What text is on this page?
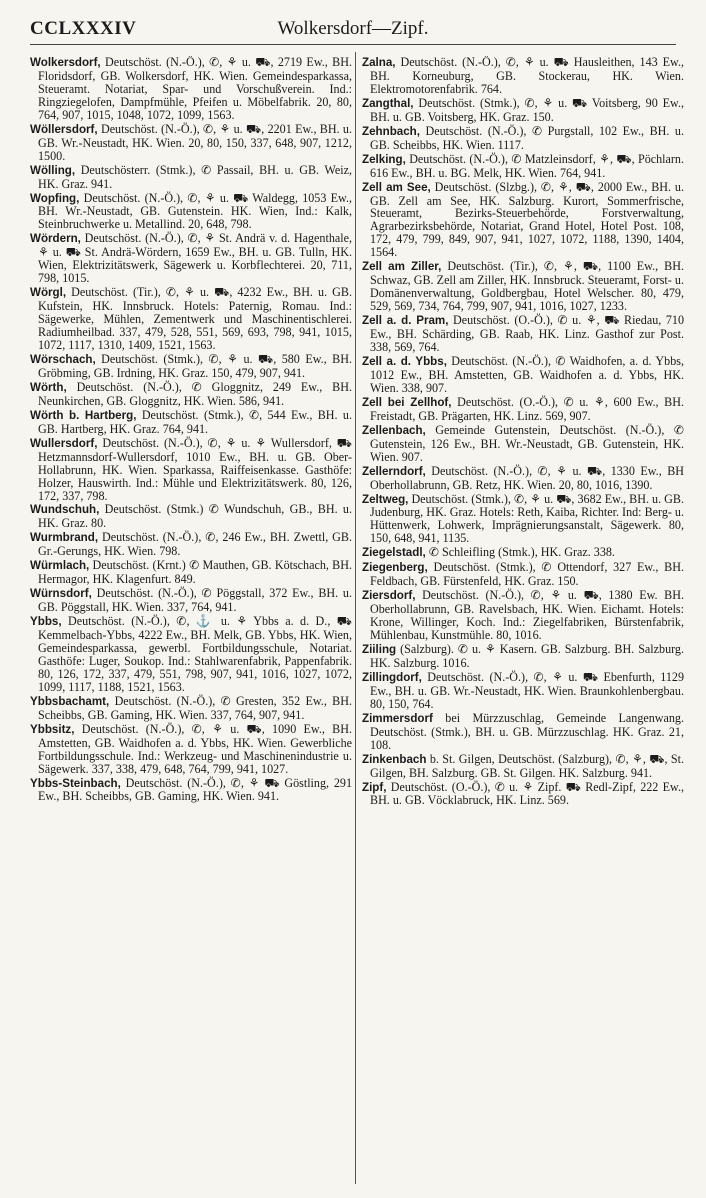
CCLXXXIV	Wolkersdorf—Zipf.

Wolkersdorf, Deutschöst. (N.-Ö.), ✆, ⚘ u. ⛟, 2719 Ew., BH. Floridsdorf, GB. Wolkersdorf, HK. Wien. Gemeindesparkassa, Steueramt. Notariat, Spar- und Vorschußverein. Ind.: Ringziegelofen, Dampfmühle, Pfeifen u. Möbelfabrik. 20, 80, 764, 907, 1015, 1048, 1072, 1099, 1563.

Wöllersdorf, Deutschöst. (N.-Ö.), ✆, ⚘ u. ⛟, 2201 Ew., BH. u. GB. Wr.-Neustadt, HK. Wien. 20, 80, 150, 337, 648, 907, 1212, 1500.

Wölling, Deutschösterr. (Stmk.), ✆ Passail, BH. u. GB. Weiz, HK. Graz. 941.

Wopfing, Deutschöst. (N.-Ö.), ✆, ⚘ u. ⛟ Waldegg, 1053 Ew., BH. Wr.-Neustadt, GB. Gutenstein. HK. Wien, Ind.: Kalk, Steinbruchwerke u. Metallind. 20, 648, 798.

Wördern, Deutschöst. (N.-Ö.), ✆, ⚘ St. Andrä v. d. Hagenthale, ⚘ u. ⛟ St. Andrä-Wördern, 1659 Ew., BH. u. GB. Tulln, HK. Wien, Elektrizitätswerk, Sägewerk u. Korbflechterei. 20, 711, 798, 1015.

Wörgl, Deutschöst. (Tir.), ✆, ⚘ u. ⛟, 4232 Ew., BH. u. GB. Kufstein, HK. Innsbruck. Hotels: Paternig, Romau. Ind.: Sägewerke, Mühlen, Zementwerk und Maschinentischlerei. Radiumheilbad. 337, 479, 528, 551, 569, 693, 798, 941, 1015, 1072, 1117, 1310, 1409, 1521, 1563.

Wörschach, Deutschöst. (Stmk.), ✆, ⚘ u. ⛟, 580 Ew., BH. Gröbming, GB. Irdning, HK. Graz. 150, 479, 907, 941.

Wörth, Deutschöst. (N.-Ö.), ✆ Gloggnitz, 249 Ew., BH. Neunkirchen, GB. Gloggnitz, HK. Wien. 586, 941.

Wörth b. Hartberg, Deutschöst. (Stmk.), ✆, 544 Ew., BH. u. GB. Hartberg, HK. Graz. 764, 941.

Wullersdorf, Deutschöst. (N.-Ö.), ✆, ⚘ u. ⚘ Wullersdorf, ⛟ Hetzmannsdorf-Wullersdorf, 1010 Ew., BH. u. GB. Ober-Hollabrunn, HK. Wien. Sparkassa, Raiffeisenkasse. Gasthöfe: Holzer, Hauswirth. Ind.: Mühle und Elektrizitätswerk. 80, 126, 172, 337, 798.

Wundschuh, Deutschöst. (Stmk.) ✆ Wundschuh, GB., BH. u. HK. Graz. 80.

Wurmbrand, Deutschöst. (N.-Ö.), ✆, 246 Ew., BH. Zwettl, GB. Gr.-Gerungs, HK. Wien. 798.

Würmlach, Deutschöst. (Krnt.) ✆ Mauthen, GB. Kötschach, BH. Hermagor, HK. Klagenfurt. 849.

Würnsdorf, Deutschöst. (N.-Ö.), ✆ Pöggstall, 372 Ew., BH. u. GB. Pöggstall, HK. Wien. 337, 764, 941.

Ybbs, Deutschöst. (N.-Ö.), ✆, ⚓ u. ⚘ Ybbs a. d. D., ⛟ Kemmelbach-Ybbs, 4222 Ew., BH. Melk, GB. Ybbs, HK. Wien, Gemeindesparkassa, gewerbl. Fortbildungsschule, Notariat. Gasthöfe: Luger, Soukop. Ind.: Stahlwarenfabrik, Pappenfabrik. 80, 126, 172, 337, 479, 551, 798, 907, 941, 1016, 1027, 1072, 1099, 1117, 1188, 1521, 1563.

Ybbsbachamt, Deutschöst. (N.-Ö.), ✆ Gresten, 352 Ew., BH. Scheibbs, GB. Gaming, HK. Wien. 337, 764, 907, 941.

Ybbsitz, Deutschöst. (N.-Ö.), ✆, ⚘ u. ⛟, 1090 Ew., BH. Amstetten, GB. Waidhofen a. d. Ybbs, HK. Wien. Gewerbliche Fortbildungsschule. Ind.: Werkzeug- und Maschinenindustrie u. Sägewerk. 337, 338, 479, 648, 764, 799, 941, 1027.

Ybbs-Steinbach, Deutschöst. (N.-Ö.), ✆, ⚘ ⛟ Göstling, 291 Ew., BH. Scheibbs, GB. Gaming, HK. Wien. 941.

Zalna, Deutschöst. (N.-Ö.), ✆, ⚘ u. ⛟ Hausleithen, 143 Ew., BH. Korneuburg, GB. Stockerau, HK. Wien. Elektromotorenfabrik. 764.

Zangthal, Deutschöst. (Stmk.), ✆, ⚘ u. ⛟ Voitsberg, 90 Ew., BH. u. GB. Voitsberg, HK. Graz. 150.

Zehnbach, Deutschöst. (N.-Ö.), ✆ Purgstall, 102 Ew., BH. u. GB. Scheibbs, HK. Wien. 1117.

Zelking, Deutschöst. (N.-Ö.), ✆ Matzleinsdorf, ⚘, ⛟, Pöchlarn. 616 Ew., BH. u. BG. Melk, HK. Wien. 764, 941.

Zell am See, Deutschöst. (Slzbg.), ✆, ⚘, ⛟, 2000 Ew., BH. u. GB. Zell am See, HK. Salzburg. Kurort, Sommerfrische, Steueramt, Bezirks-Steuerbehörde, Forstverwaltung, Agrarbezirksbehörde, Notariat, Grand Hotel, Hotel Post. 108, 172, 479, 799, 849, 907, 941, 1027, 1072, 1188, 1390, 1404, 1564.

Zell am Ziller, Deutschöst. (Tir.), ✆, ⚘, ⛟, 1100 Ew., BH. Schwaz, GB. Zell am Ziller, HK. Innsbruck. Steueramt, Forst- u. Domänenverwaltung, Goldbergbau, Hotel Welscher. 80, 479, 529, 569, 734, 764, 799, 907, 941, 1016, 1027, 1233.

Zell a. d. Pram, Deutschöst. (O.-Ö.), ✆ u. ⚘, ⛟ Riedau, 710 Ew., BH. Schärding, GB. Raab, HK. Linz. Gasthof zur Post. 338, 569, 764.

Zell a. d. Ybbs, Deutschöst. (N.-Ö.), ✆ Waidhofen, a. d. Ybbs, 1012 Ew., BH. Amstetten, GB. Waidhofen a. d. Ybbs, HK. Wien. 338, 907.

Zell bei Zellhof, Deutschöst. (O.-Ö.), ✆ u. ⚘, 600 Ew., BH. Freistadt, GB. Prägarten, HK. Linz. 569, 907.

Zellenbach, Gemeinde Gutenstein, Deutschöst. (N.-Ö.), ✆ Gutenstein, 126 Ew., BH. Wr.-Neustadt, GB. Gutenstein, HK. Wien. 907.

Zellerndorf, Deutschöst. (N.-Ö.), ✆, ⚘ u. ⛟, 1330 Ew., BH Oberhollabrunn, GB. Retz, HK. Wien. 20, 80, 1016, 1390.

Zeltweg, Deutschöst. (Stmk.), ✆, ⚘ u. ⛟, 3682 Ew., BH. u. GB. Judenburg, HK. Graz. Hotels: Reth, Kaiba, Richter. Ind: Berg- u. Hüttenwerk, Lohwerk, Imprägnierungsanstalt, Sägewerk. 80, 150, 648, 941, 1135.

Ziegelstadl, ✆ Schleifling (Stmk.), HK. Graz. 338.

Ziegenberg, Deutschöst. (Stmk.), ✆ Ottendorf, 327 Ew., BH. Feldbach, GB. Fürstenfeld, HK. Graz. 150.

Ziersdorf, Deutschöst. (N.-Ö.), ✆, ⚘ u. ⛟, 1380 Ew. BH. Oberhollabrunn, GB. Ravelsbach, HK. Wien. Eichamt. Hotels: Krone, Willinger, Koch. Ind.: Ziegelfabriken, Bürstenfabrik, Mühlenbau, Kunstmühle. 80, 1016.

Ziiling (Salzburg). ✆ u. ⚘ Kasern. GB. Salzburg. BH. Salzburg. HK. Salzburg. 1016.

Zillingdorf, Deutschöst. (N.-Ö.), ✆, ⚘ u. ⛟ Ebenfurth, 1129 Ew., BH. u. GB. Wr.-Neustadt, HK. Wien. Braunkohlenbergbau. 80, 150, 764.

Zimmersdorf bei Mürzzuschlag, Gemeinde Langenwang. Deutschöst. (Stmk.), BH. u. GB. Mürzzuschlag. HK. Graz. 21, 108.

Zinkenbach b. St. Gilgen, Deutschöst. (Salzburg), ✆, ⚘, ⛟, St. Gilgen, BH. Salzburg. GB. St. Gilgen. HK. Salzburg. 941.

Zipf, Deutschöst. (O.-Ö.), ✆ u. ⚘ Zipf. ⛟ Redl-Zipf, 222 Ew., BH. u. GB. Vöcklabruck, HK. Linz. 569.
